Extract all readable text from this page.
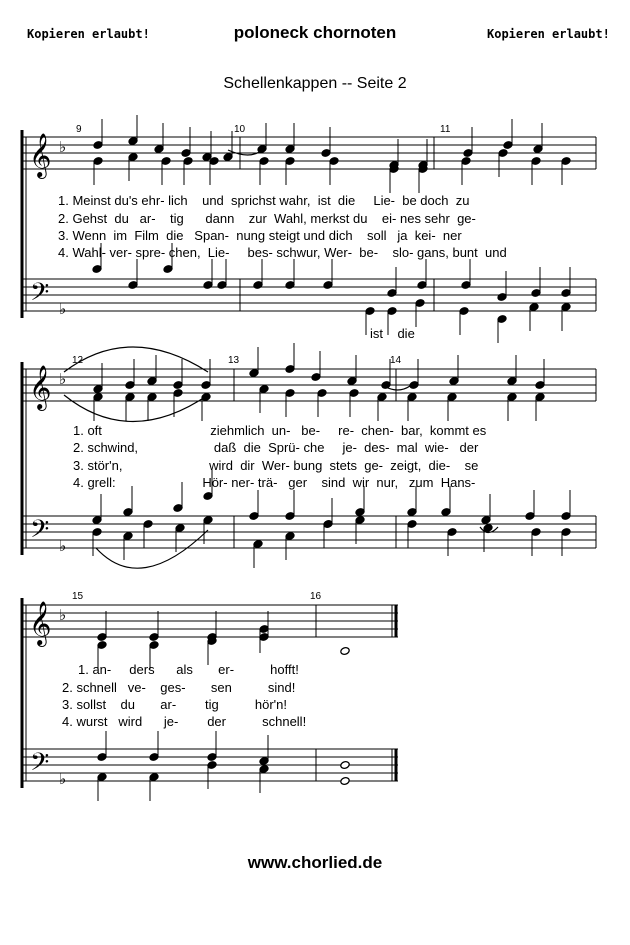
Kopieren erlaubt!	poloneck chornoten	Kopieren erlaubt!
Schellenkappen -- Seite 2
𝄞
𝄢
♭
♭
𝄞
𝄢
♭
♭
𝄞
𝄢
♭
♭
9	10	11
12	13	14
15	16
1. Meinst du's ehr- lich    und  sprichst wahr,  ist  die     Lie-  be doch  zu
2. Gehst  du   ar-    tig      dann    zur  Wahl, merkst du    ei- nes sehr  ge-
3. Wenn  im  Film  die   Span-  nung steigt und dich    soll   ja  kei-  ner
4. Wahl- ver- spre- chen,  Lie-     bes- schwur, Wer-  be-    slo- gans, bunt  und
ist    die
1. oft                              ziehmlich  un-   be-     re-  chen-  bar,  kommt es
2. schwind,                     daß  die  Sprü- che     je-  des-  mal  wie-   der
3. stör'n,                        wird  dir  Wer- bung  stets  ge-  zeigt,  die-    se
4. grell:                        Hör- ner- trä-   ger    sind  wir  nur,   zum  Hans-
1. an-     ders      als       er-          hofft!
2. schnell   ve-    ges-       sen          sind!
3. sollst    du       ar-        tig          hör'n!
4. wurst   wird      je-        der          schnell!
www.chorlied.de
